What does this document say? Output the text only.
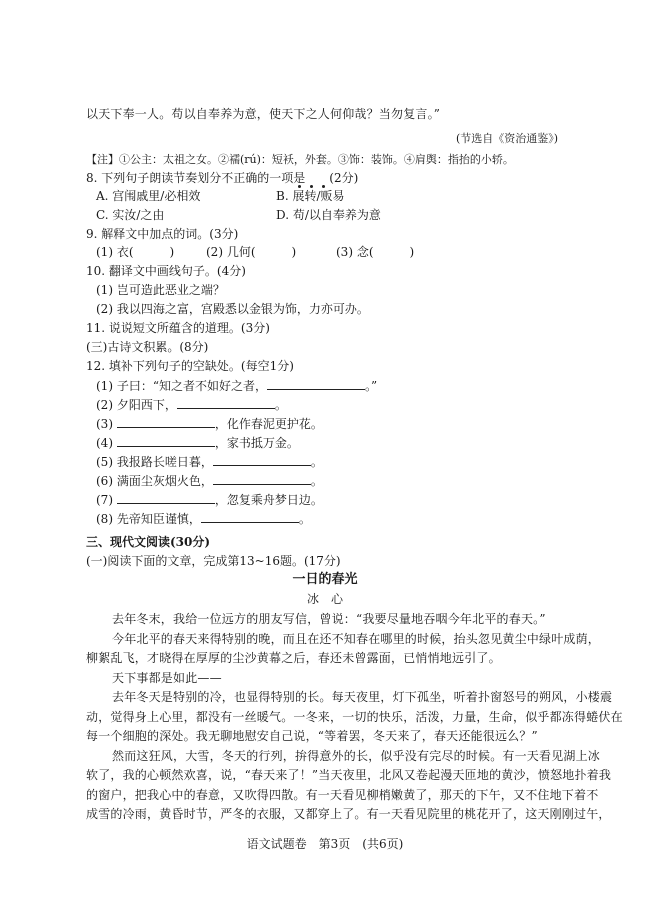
以天下奉一人。苟以自奉养为意，使天下之人何仰哉？当勿复言。”
(节选自《资治通鉴》)
【注】①公主：太祖之女。②襦(rú)：短袄，外套。③饰：装饰。④肩舆：指抬的小轿。
8. 下列句子朗读节奏划分不正确的一项是　　(2分)
A. 宫闱戚里/必相效	B. 展转/贩易
C. 实汝/之由	D. 苟/以自奉养为意
9. 解释文中加点的词。(3分)
(1) 衣(　　　)	(2) 几何(　　　)	(3) 念(　　　)
10. 翻译文中画线句子。(4分)
(1) 岂可造此恶业之端？
(2) 我以四海之富，宫殿悉以金银为饰，力亦可办。
11. 说说短文所蕴含的道理。(3分)
(三)古诗文积累。(8分)
12. 填补下列句子的空缺处。(每空1分)
(1) 子曰：“知之者不如好之者，	。”
(2) 夕阳西下，	。
(3)	，化作春泥更护花。
(4)	，家书抵万金。
(5) 我报路长嗟日暮，	。
(6) 满面尘灰烟火色，	。
(7)	，忽复乘舟梦日边。
(8) 先帝知臣谨慎，	。
三、现代文阅读(30分)
(一)阅读下面的文章，完成第13~16题。(17分)
一日的春光
冰　心
去年冬末，我给一位远方的朋友写信，曾说：“我要尽量地吞咽今年北平的春天。”
今年北平的春天来得特别的晚，而且在还不知春在哪里的时候，抬头忽见黄尘中绿叶成荫，
柳絮乱飞，才晓得在厚厚的尘沙黄幕之后，春还未曾露面，已悄悄地远引了。
天下事都是如此——
去年冬天是特别的冷，也显得特别的长。每天夜里，灯下孤坐，听着扑窗怒号的朔风，小楼震
动，觉得身上心里，都没有一丝暖气。一冬来，一切的快乐，活泼，力量，生命，似乎都冻得蜷伏在
每一个细胞的深处。我无聊地慰安自己说，“等着罢，冬天来了，春天还能很远么？”
然而这狂风，大雪，冬天的行列，拚得意外的长，似乎没有完尽的时候。有一天看见湖上冰
软了，我的心顿然欢喜，说，“春天来了！”当天夜里，北风又卷起漫天匝地的黄沙，愤怒地扑着我
的窗户，把我心中的春意，又吹得四散。有一天看见柳梢嫩黄了，那天的下午，又不住地下着不
成雪的冷雨，黄昏时节，严冬的衣服，又都穿上了。有一天看见院里的桃花开了，这天刚刚过午，
语文试题卷　第3页　(共6页)
